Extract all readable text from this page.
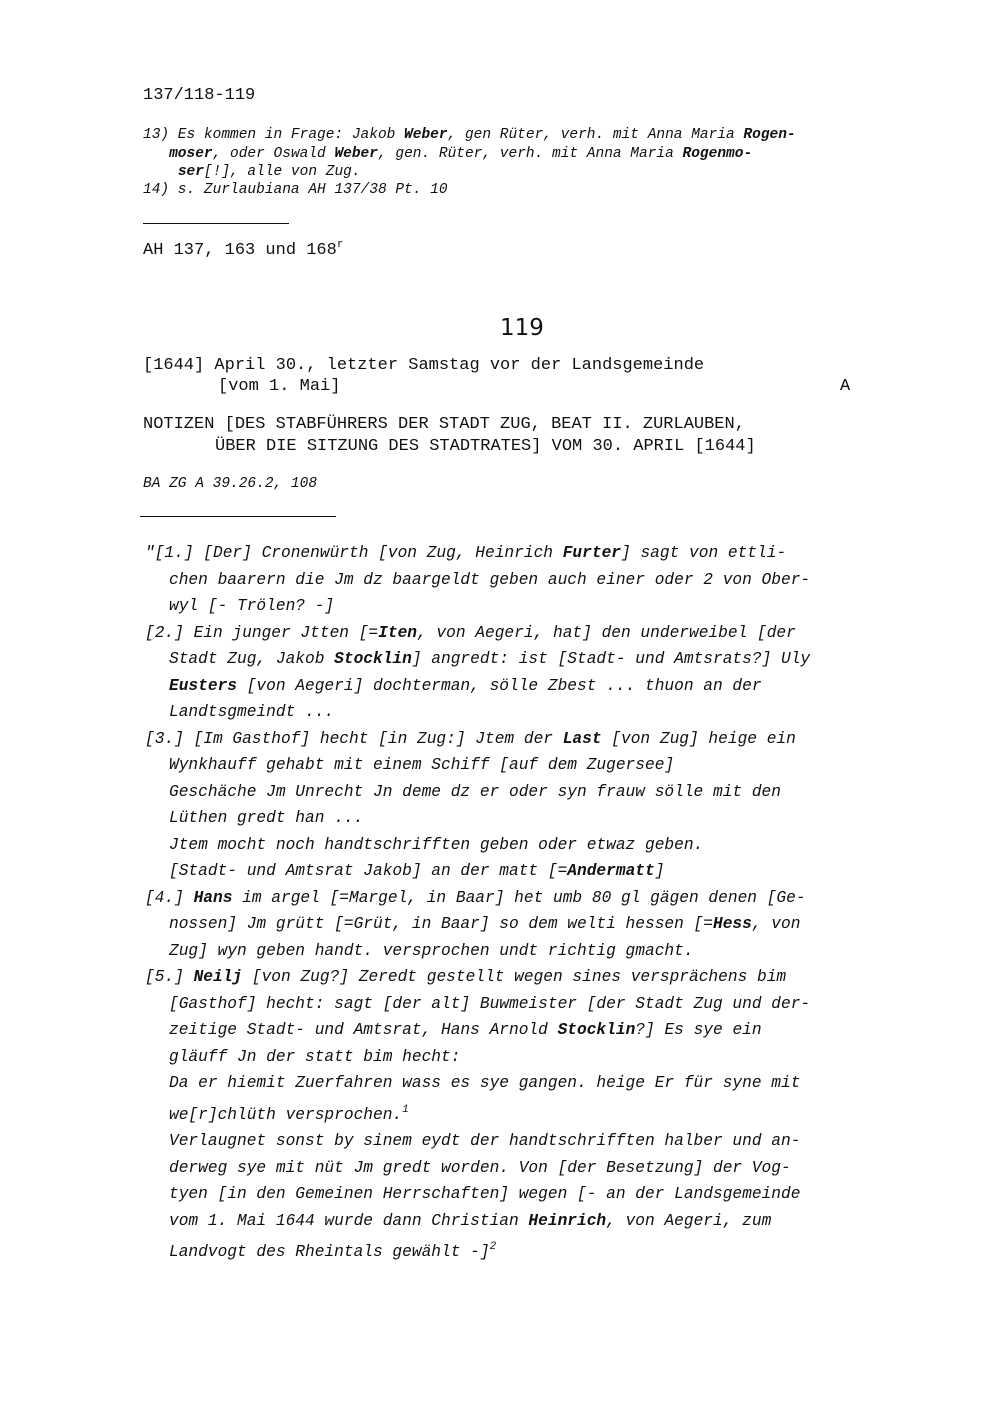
137/118-119
13) Es kommen in Frage: Jakob Weber, gen Rüter, verh. mit Anna Maria Rogen-
moser, oder Oswald Weber, gen. Rüter, verh. mit Anna Maria Rogenmo-
ser[!], alle von Zug.
14) s. Zurlaubiana AH 137/38 Pt. 10
AH 137, 163 und 168$^r$
119
[1644] April 30., letzter Samstag vor der Landsgemeinde
[vom 1. Mai]	A
NOTIZEN [DES STABFÜHRERS DER STADT ZUG, BEAT II. ZURLAUBEN,
ÜBER DIE SITZUNG DES STADTRATES] VOM 30. APRIL [1644]
BA ZG A 39.26.2, 108

"[1.] [Der] Cronenwürth [von Zug, Heinrich Furter] sagt von ettli-
chen baarern die Jm dz baargeldt geben auch einer oder 2 von Ober-
wyl [- Trölen? -]

[2.] Ein junger Jtten [=Iten, von Aegeri, hat] den underweibel [der
Stadt Zug, Jakob Stocklin] angredt: ist [Stadt- und Amtsrats?] Uly
Eusters [von Aegeri] dochterman, sölle Zbest ... thuon an der
Landtsgmeindt ...

[3.] [Im Gasthof] hecht [in Zug:] Jtem der Last [von Zug] heige ein
Wynkhauff gehabt mit einem Schiff [auf dem Zugersee]
Geschäche Jm Unrecht Jn deme dz er oder syn frauw sölle mit den
Lüthen gredt han ...
Jtem mocht noch handtschrifften geben oder etwaz geben.
[Stadt- und Amtsrat Jakob] an der matt [=Andermatt]

[4.] Hans im argel [=Margel, in Baar] het umb 80 gl gägen denen [Ge-
nossen] Jm grütt [=Grüt, in Baar] so dem welti hessen [=Hess, von
Zug] wyn geben handt. versprochen undt richtig gmacht.

[5.] Neilj [von Zug?] Zeredt gestellt wegen sines versprächens bim
[Gasthof] hecht: sagt [der alt] Buwmeister [der Stadt Zug und der-
zeitige Stadt- und Amtsrat, Hans Arnold Stocklin?] Es sye ein
gläuff Jn der statt bim hecht:
Da er hiemit Zuerfahren wass es sye gangen. heige Er für syne mit
we[r]chlüth versprochen.$^1$
Verlaugnet sonst by sinem eydt der handtschrifften halber und an-
derweg sye mit nüt Jm gredt worden. Von [der Besetzung] der Vog-
tyen [in den Gemeinen Herrschaften] wegen [- an der Landsgemeinde
vom 1. Mai 1644 wurde dann Christian Heinrich, von Aegeri, zum
Landvogt des Rheintals gewählt -]$^2$
